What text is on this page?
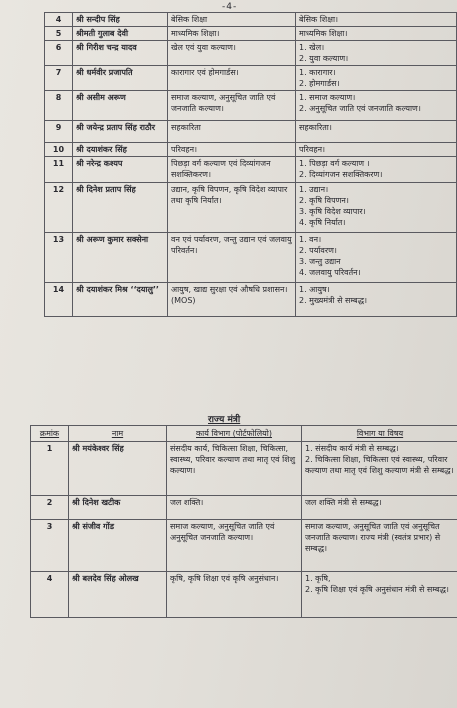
-4-
4	श्री सन्दीप सिंह	बेसिक शिक्षा	बेसिक शिक्षा।

5	श्रीमती गुलाब देवी	माध्यमिक शिक्षा।	माध्यमिक शिक्षा।

6	श्री गिरीश चन्द्र यादव	खेल एवं युवा कल्याण।	1. खेल।
2. युवा कल्याण।

7	श्री धर्मवीर प्रजापति	कारागार एवं होमगार्डस।	1. कारागार।
2. होमगार्डस।

8	श्री असीम अरूण	समाज कल्याण, अनुसूचित जाति एवं जनजाति कल्याण।	1. समाज कल्याण।
2. अनुसूचित जाति एवं जनजाति कल्याण।

9	श्री जयेन्द्र प्रताप सिंह राठौर	सहकारिता	सहकारिता।

10	श्री दयाशंकर सिंह	परिवहन।	परिवहन।

11	श्री नरेन्द्र कश्यप	पिछड़ा वर्ग कल्याण एवं दिव्यांगजन सशक्तिकरण।	1. पिछड़ा वर्ग कल्याण ।
2. दिव्यांगजन सशक्तिकरण।

12	श्री दिनेश प्रताप सिंह	उद्यान, कृषि विपणन, कृषि विदेश व्यापार तथा कृषि निर्यात।	1. उद्यान।
2. कृषि विपणन।
3. कृषि विदेश व्यापार।
4. कृषि निर्यात।

13	श्री अरूण कुमार सक्सेना	वन एवं पर्यावरण, जन्तु उद्यान एवं जलवायु परिवर्तन।	1. वन।
2. पर्यावरण।
3. जन्तु उद्यान
4. जलवायु परिवर्तन।

14	श्री दयाशंकर मिश्र ‘‘दयालु’’	आयुष, खाद्य सुरक्षा एवं औषधि प्रशासन। (MOS)	1. आयुष।
2. मुख्यमंत्री से सम्बद्ध।
राज्य मंत्री
क्रमांक	नाम	कार्य विभाग (पोर्टफोलियो)	विभाग या विषय
1	श्री मयंकेश्वर सिंह	संसदीय कार्य, चिकित्सा शिक्षा, चिकित्सा, स्वास्थ्य, परिवार कल्याण तथा मातृ एवं शिशु कल्याण।	1. संसदीय कार्य मंत्री से सम्बद्ध।
2. चिकित्सा शिक्षा, चिकित्सा एवं स्वास्थ्य, परिवार कल्याण तथा मातृ एवं शिशु कल्याण मंत्री से सम्बद्ध।

2	श्री दिनेश खटीक	जल शक्ति।	जल शक्ति मंत्री से सम्बद्ध।

3	श्री संजीव गोंड	समाज कल्याण, अनुसूचित जाति एवं अनुसूचित जनजाति कल्याण।	समाज कल्याण, अनुसूचित जाति एवं अनुसूचित जनजाति कल्याण। राज्य मंत्री (स्वतंत्र प्रभार) से सम्बद्ध।

4	श्री बलदेव सिंह ओलख	कृषि, कृषि शिक्षा एवं कृषि अनुसंधान।	1. कृषि,
2. कृषि शिक्षा एवं कृषि अनुसंधान मंत्री से सम्बद्ध।
